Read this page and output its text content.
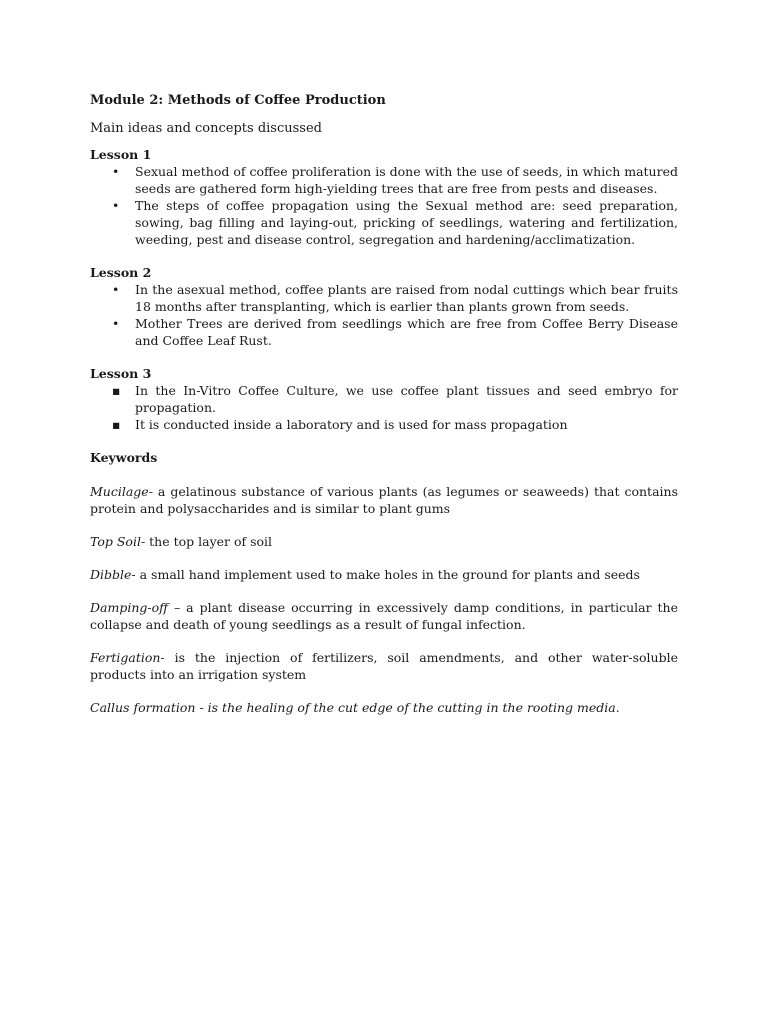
Module 2: Methods of Coffee Production
Main ideas and concepts discussed
Lesson 1
•	Sexual method of coffee proliferation is done with the use of seeds, in which matured seeds are gathered form high-yielding trees that are free from pests and diseases.
•	The steps of coffee propagation using the Sexual method are: seed preparation, sowing, bag filling and laying-out, pricking of seedlings, watering and fertilization, weeding, pest and disease control, segregation and hardening/acclimatization.
Lesson 2
•	In the asexual method, coffee plants are raised from nodal cuttings which bear fruits 18 months after transplanting, which is earlier than plants grown from seeds.
•	Mother Trees are derived from seedlings which are free from Coffee Berry Disease and Coffee Leaf Rust.
Lesson 3
▪ In the In-Vitro Coffee Culture, we use coffee plant tissues and seed embryo for propagation.
▪ It is conducted inside a laboratory and is used for mass propagation
Keywords
Mucilage- a gelatinous substance of various plants (as legumes or seaweeds) that contains protein and polysaccharides and is similar to plant gums
Top Soil- the top layer of soil
Dibble- a small hand implement used to make holes in the ground for plants and seeds
Damping-off – a plant disease occurring in excessively damp conditions, in particular the collapse and death of young seedlings as a result of fungal infection.
Fertigation- is the injection of fertilizers, soil amendments, and other water-soluble products into an irrigation system
Callus formation - is the healing of the cut edge of the cutting in the rooting media.
